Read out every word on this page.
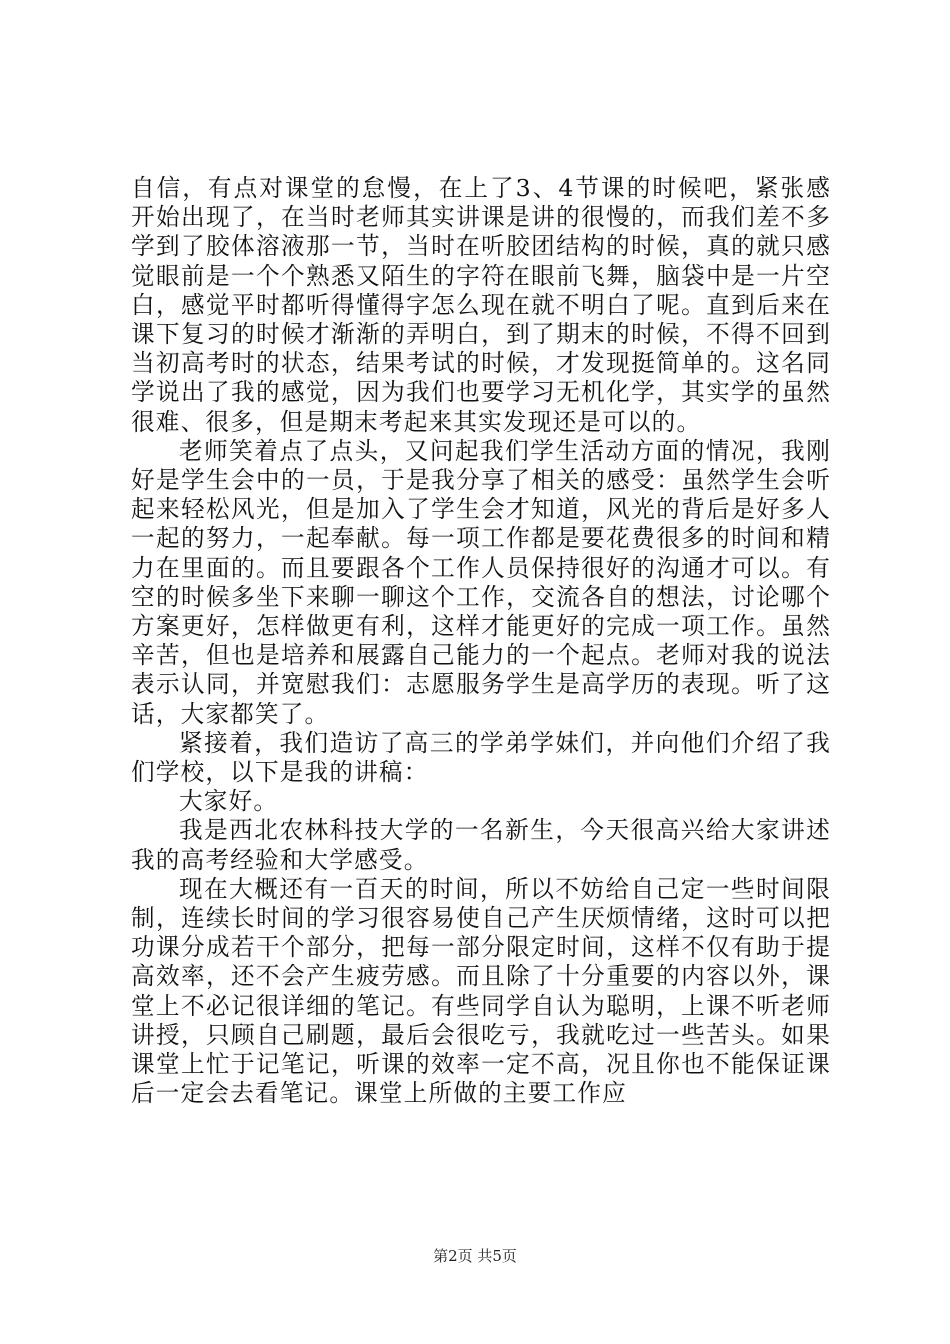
自信，有点对课堂的怠慢，在上了3、4节课的时候吧，紧张感开始出现了，在当时老师其实讲课是讲的很慢的，而我们差不多学到了胶体溶液那一节，当时在听胶团结构的时候，真的就只感觉眼前是一个个熟悉又陌生的字符在眼前飞舞，脑袋中是一片空白，感觉平时都听得懂得字怎么现在就不明白了呢。直到后来在课下复习的时候才渐渐的弄明白，到了期末的时候，不得不回到当初高考时的状态，结果考试的时候，才发现挺简单的。这名同学说出了我的感觉，因为我们也要学习无机化学，其实学的虽然很难、很多，但是期末考起来其实发现还是可以的。

老师笑着点了点头，又问起我们学生活动方面的情况，我刚好是学生会中的一员，于是我分享了相关的感受：虽然学生会听起来轻松风光，但是加入了学生会才知道，风光的背后是好多人一起的努力，一起奉献。每一项工作都是要花费很多的时间和精力在里面的。而且要跟各个工作人员保持很好的沟通才可以。有空的时候多坐下来聊一聊这个工作，交流各自的想法，讨论哪个方案更好，怎样做更有利，这样才能更好的完成一项工作。虽然辛苦，但也是培养和展露自己能力的一个起点。老师对我的说法表示认同，并宽慰我们：志愿服务学生是高学历的表现。听了这话，大家都笑了。

紧接着，我们造访了高三的学弟学妹们，并向他们介绍了我们学校，以下是我的讲稿：

大家好。

我是西北农林科技大学的一名新生，今天很高兴给大家讲述我的高考经验和大学感受。

现在大概还有一百天的时间，所以不妨给自己定一些时间限制，连续长时间的学习很容易使自己产生厌烦情绪，这时可以把功课分成若干个部分，把每一部分限定时间，这样不仅有助于提高效率，还不会产生疲劳感。而且除了十分重要的内容以外，课堂上不必记很详细的笔记。有些同学自认为聪明，上课不听老师讲授，只顾自己刷题，最后会很吃亏，我就吃过一些苦头。如果课堂上忙于记笔记，听课的效率一定不高，况且你也不能保证课后一定会去看笔记。课堂上所做的主要工作应

第2页 共5页
